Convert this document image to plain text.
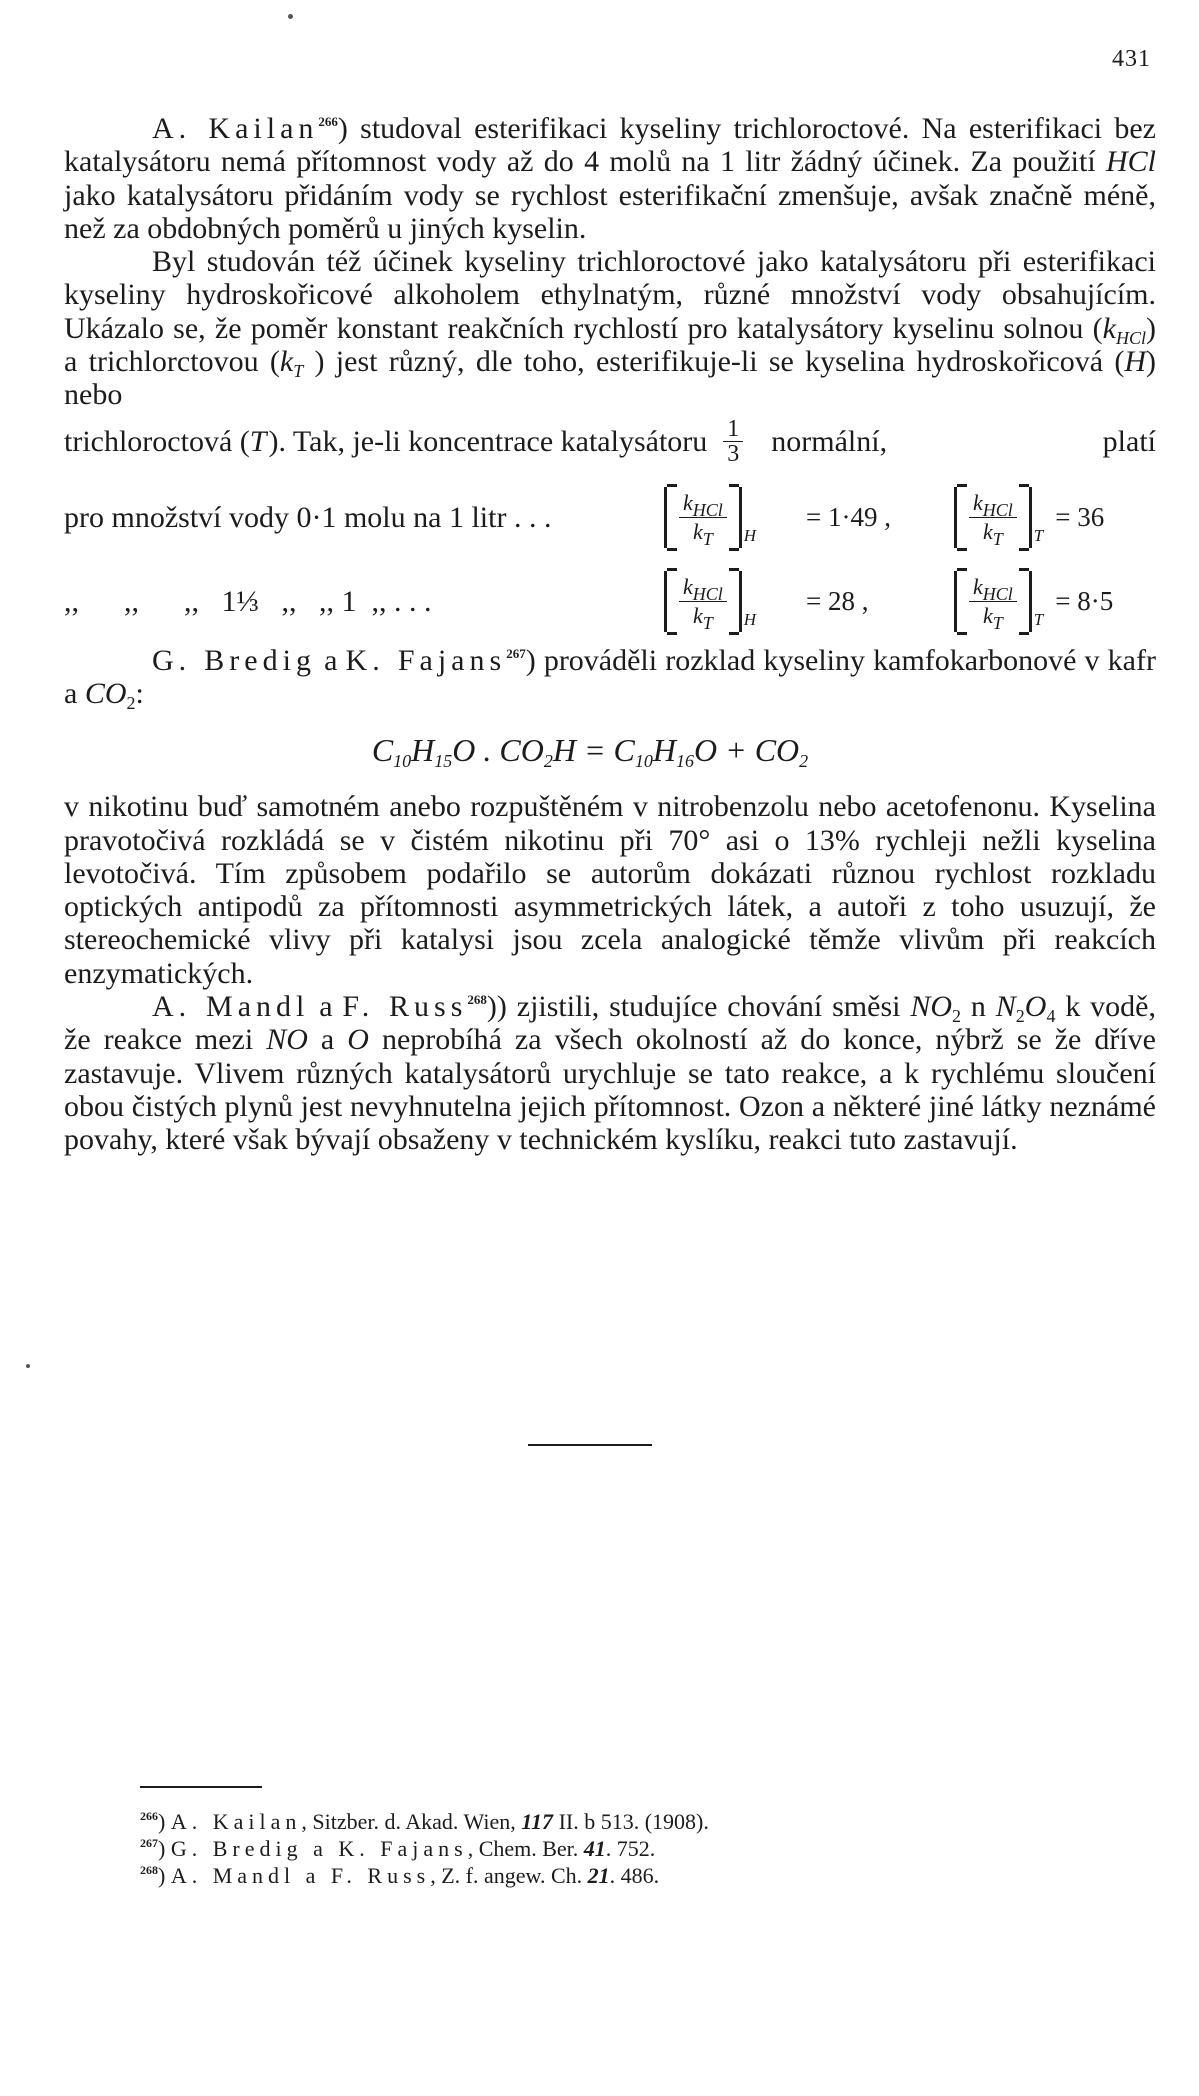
431

A. Kailan$^{266}$) studoval esterifikaci kyseliny trichloroctové. Na esterifikaci bez katalysátoru nemá přítomnost vody až do 4 molů na 1 litr žádný účinek. Za použití HCl jako katalysátoru přidáním vody se rychlost esterifikační zmenšuje, avšak značně méně, než za obdobných poměrů u jiných kyselin.

Byl studován též účinek kyseliny trichloroctové jako katalysátoru při esterifikaci kyseliny hydroskořicové alkoholem ethylnatým, různé množství vody obsahujícím. Ukázalo se, že poměr konstant reakčních rychlostí pro katalysátory kyselinu solnou $(k_{HCl})$ a trichlorctovou ($k_T$ ) jest různý, dle toho, esterifikuje-li se kyselina hydroskořicová (H) nebo

trichloroctová ( T ). Tak, je-li koncentrace katalysátoru $\frac{1}{3}$ normální, platí
pro množství vody 0·1 molu na 1 litr . . .	$\frac{k_{HCl}}{k_T}$ H
= 1·49 ,	$\frac{k_{HCl}}{k_T}$ T
= 36
,,      ,,      ,,   1⅓   ,,   ,, 1  ,, . . .	$\frac{k_{HCl}}{k_T}$ H
= 28 ,	$\frac{k_{HCl}}{k_T}$ T
= 8·5

G. Bredig a K. Fajans$^{267}$) prováděli rozklad kyseliny kamfokarbonové v kafr a $CO_2$:

$C_{10}H_{15}O$ . $CO_2H = C_{10}H_{16}O + CO_2$

v nikotinu buď samotném anebo rozpuštěném v nitrobenzolu nebo acetofenonu. Kyselina pravotočivá rozkládá se v čistém nikotinu při 70° asi o 13% rychleji nežli kyselina levotočivá. Tím způsobem podařilo se autorům dokázati různou rychlost rozkladu optických antipodů za přítomnosti asymmetrických látek, a autoři z toho usuzují, že stereochemické vlivy při katalysi jsou zcela analogické těmže vlivům při reakcích enzymatických.

A. Mandl a F. Russ$^{268}$)) zjistili, studujíce chování směsi $NO_2$ n $N_2O_4$ k vodě, že reakce mezi NO a O neprobíhá za všech okolností až do konce, nýbrž se že dříve zastavuje. Vlivem různých katalysátorů urychluje se tato reakce, a k rychlému sloučení obou čistých plynů jest nevyhnutelna jejich přítomnost. Ozon a některé jiné látky neznámé povahy, které však bývají obsaženy v technickém kyslíku, reakci tuto zastavují.

$^{266}$) A. Kailan, Sitzber. d. Akad. Wien, 117 II. b 513. (1908).
$^{267}$) G. Bredig a K. Fajans, Chem. Ber. 41. 752.
$^{268}$) A. Mandl a F. Russ, Z. f. angew. Ch. 21. 486.
